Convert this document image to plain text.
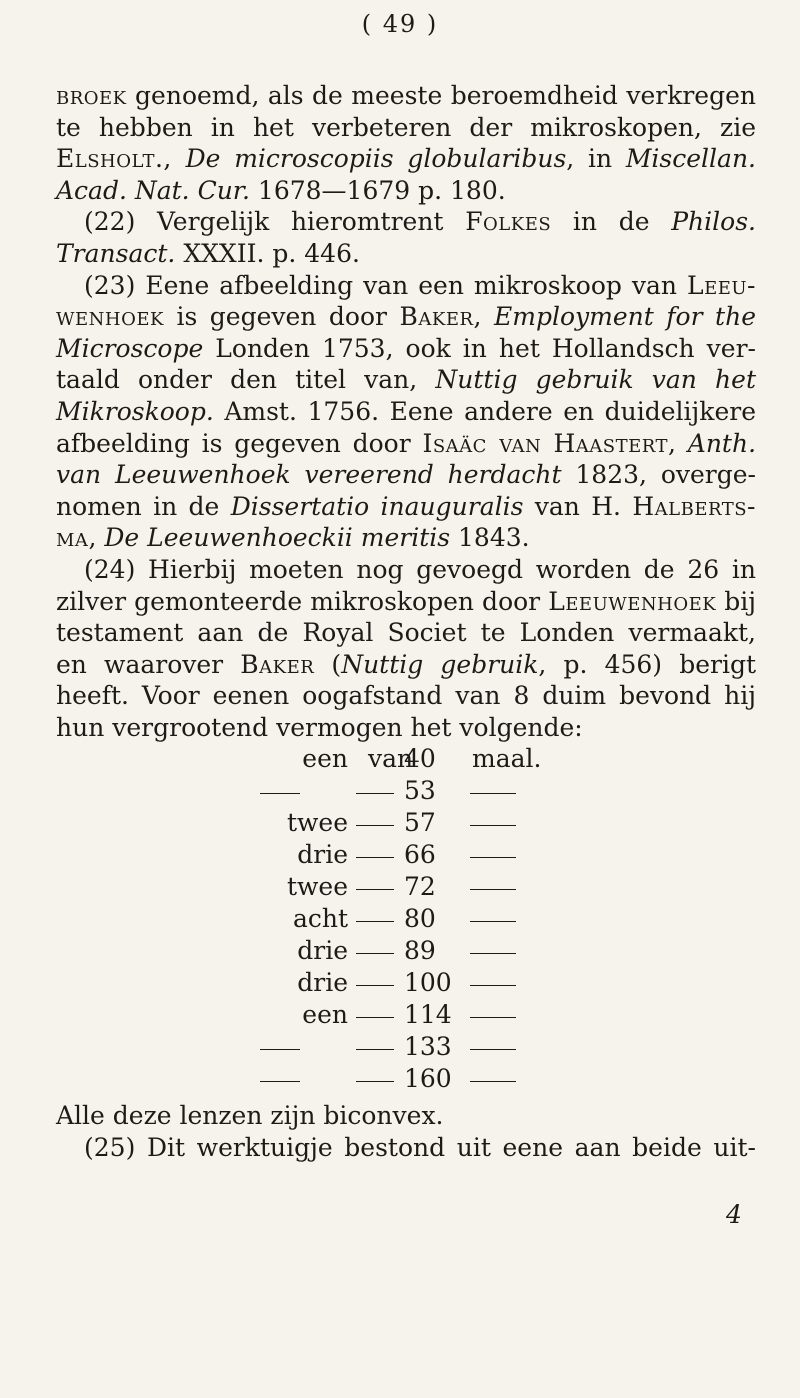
( 49 )
broek genoemd, als de meeste beroemdheid verkregen
te hebben in het verbeteren der mikroskopen, zie
Elsholt., De microscopiis globularibus, in Miscellan.
Acad. Nat. Cur. 1678—1679 p. 180.
(22) Vergelijk hieromtrent Folkes in de Philos.
Transact. XXXII. p. 446.
(23) Eene afbeelding van een mikroskoop van Leeu-
wenhoek is gegeven door Baker, Employment for the
Microscope Londen 1753, ook in het Hollandsch ver-
taald onder den titel van, Nuttig gebruik van het
Mikroskoop. Amst. 1756. Eene andere en duidelijkere
afbeelding is gegeven door Isaäc van Haastert, Anth.
van Leeuwenhoek vereerend herdacht 1823, overge-
nomen in de Dissertatio inauguralis van H. Halberts-
ma, De Leeuwenhoeckii meritis 1843.
(24) Hierbij moeten nog gevoegd worden de 26 in
zilver gemonteerde mikroskopen door Leeuwenhoek bij
testament aan de Royal Societ te Londen vermaakt,
en waarover Baker (Nuttig gebruik, p. 456) berigt
heeft. Voor eenen oogafstand van 8 duim bevond hij
hun vergrootend vermogen het volgende:
een van
40	maal.
53
twee 57
drie 66
twee 72
acht 80
drie 89
drie 100
een 114
133
160
Alle deze lenzen zijn biconvex.
(25) Dit werktuigje bestond uit eene aan beide uit-
4
